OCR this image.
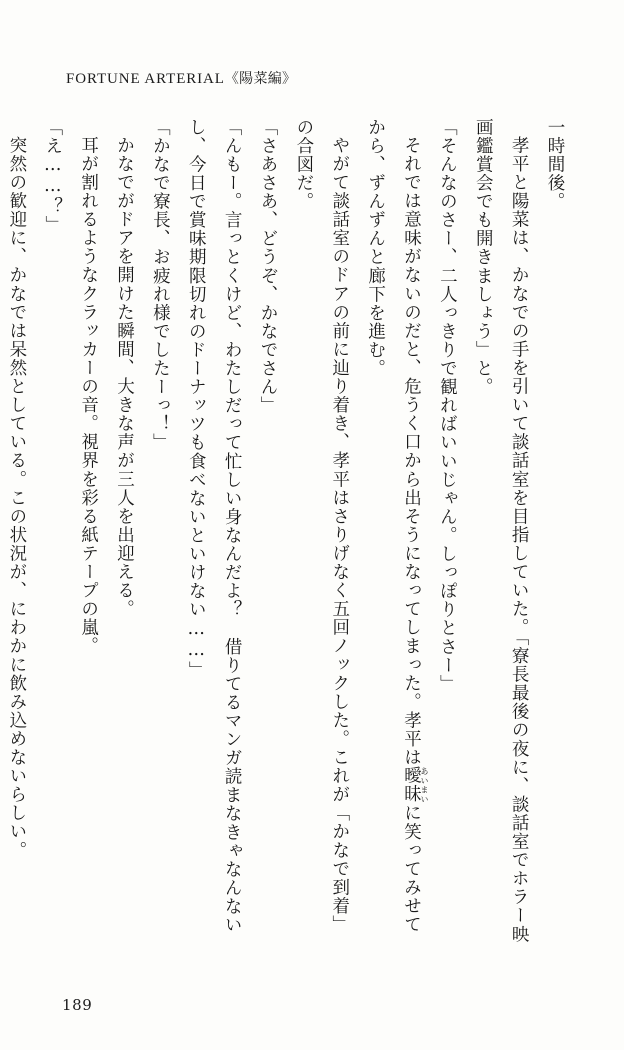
FORTUNE ARTERIAL《陽菜編》

一時間後。

孝平と陽菜は、かなでの手を引いて談話室を目指していた。「寮長最後の夜に、談話室でホラー映画鑑賞会でも開きましょう」と。

「そんなのさー、二人っきりで観ればいいじゃん。しっぽりとさー」

それでは意味がないのだと、危うく口から出そうになってしまった。孝平は曖昧あいまいに笑ってみせてから、ずんずんと廊下を進む。

やがて談話室のドアの前に辿り着き、孝平はさりげなく五回ノックした。これが「かなで到着」の合図だ。

「さあさあ、どうぞ、かなでさん」

「んもー。言っとくけど、わたしだって忙しい身なんだよ？　借りてるマンガ読まなきゃなんないし、今日で賞味期限切れのドーナッツも食べないといけない……」

「かなで寮長、お疲れ様でしたーっ！」

かなでがドアを開けた瞬間、大きな声が三人を出迎える。

耳が割れるようなクラッカーの音。視界を彩る紙テープの嵐。

「え……？」

突然の歓迎に、かなでは呆然としている。この状況が、にわかに飲み込めないらしい。

189
